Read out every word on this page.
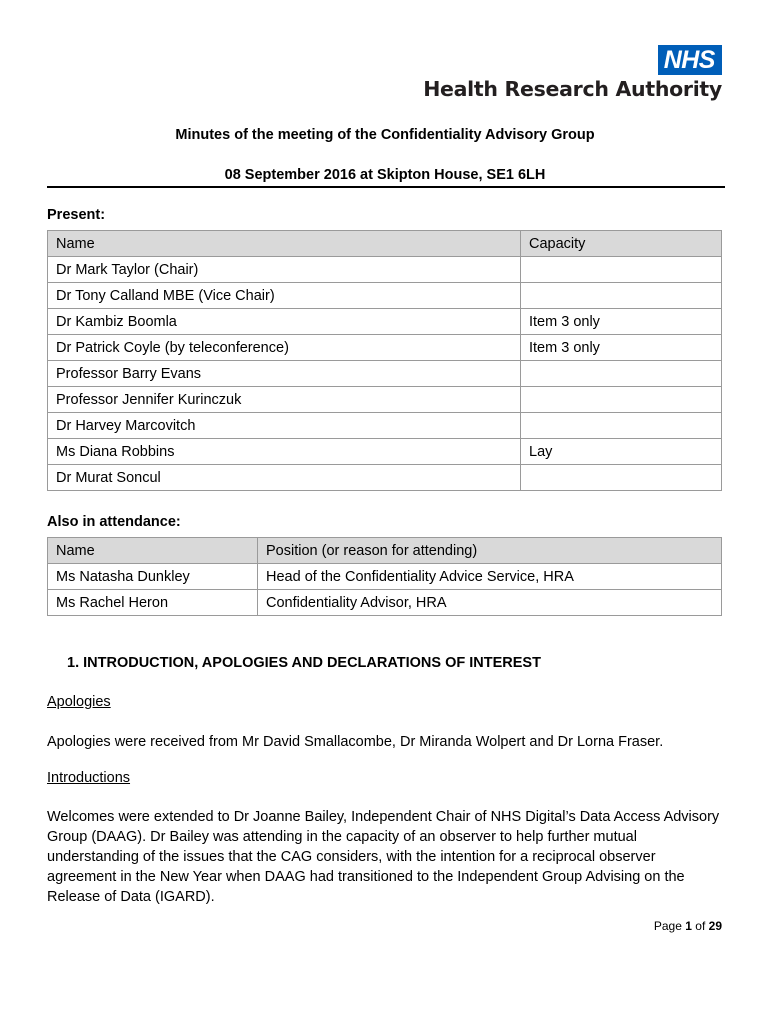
NHS
Health Research Authority
Minutes of the meeting of the Confidentiality Advisory Group
08 September 2016 at Skipton House, SE1 6LH
Present:
Name	Capacity
Dr Mark Taylor (Chair)	
Dr Tony Calland MBE (Vice Chair)	
Dr Kambiz Boomla	Item 3 only
Dr Patrick Coyle (by teleconference)	Item 3 only
Professor Barry Evans	
Professor Jennifer Kurinczuk	
Dr Harvey Marcovitch	
Ms Diana Robbins	Lay
Dr Murat Soncul	
Also in attendance:
Name	Position (or reason for attending)
Ms Natasha Dunkley	Head of the Confidentiality Advice Service, HRA
Ms Rachel Heron	Confidentiality Advisor, HRA
1. INTRODUCTION, APOLOGIES AND DECLARATIONS OF INTEREST
Apologies
Apologies were received from Mr David Smallacombe, Dr Miranda Wolpert and Dr Lorna Fraser.
Introductions
Welcomes were extended to Dr Joanne Bailey, Independent Chair of NHS Digital’s Data Access Advisory Group (DAAG). Dr Bailey was attending in the capacity of an observer to help further mutual understanding of the issues that the CAG considers, with the intention for a reciprocal observer agreement in the New Year when DAAG had transitioned to the Independent Group Advising on the Release of Data (IGARD).
Page 1 of 29
